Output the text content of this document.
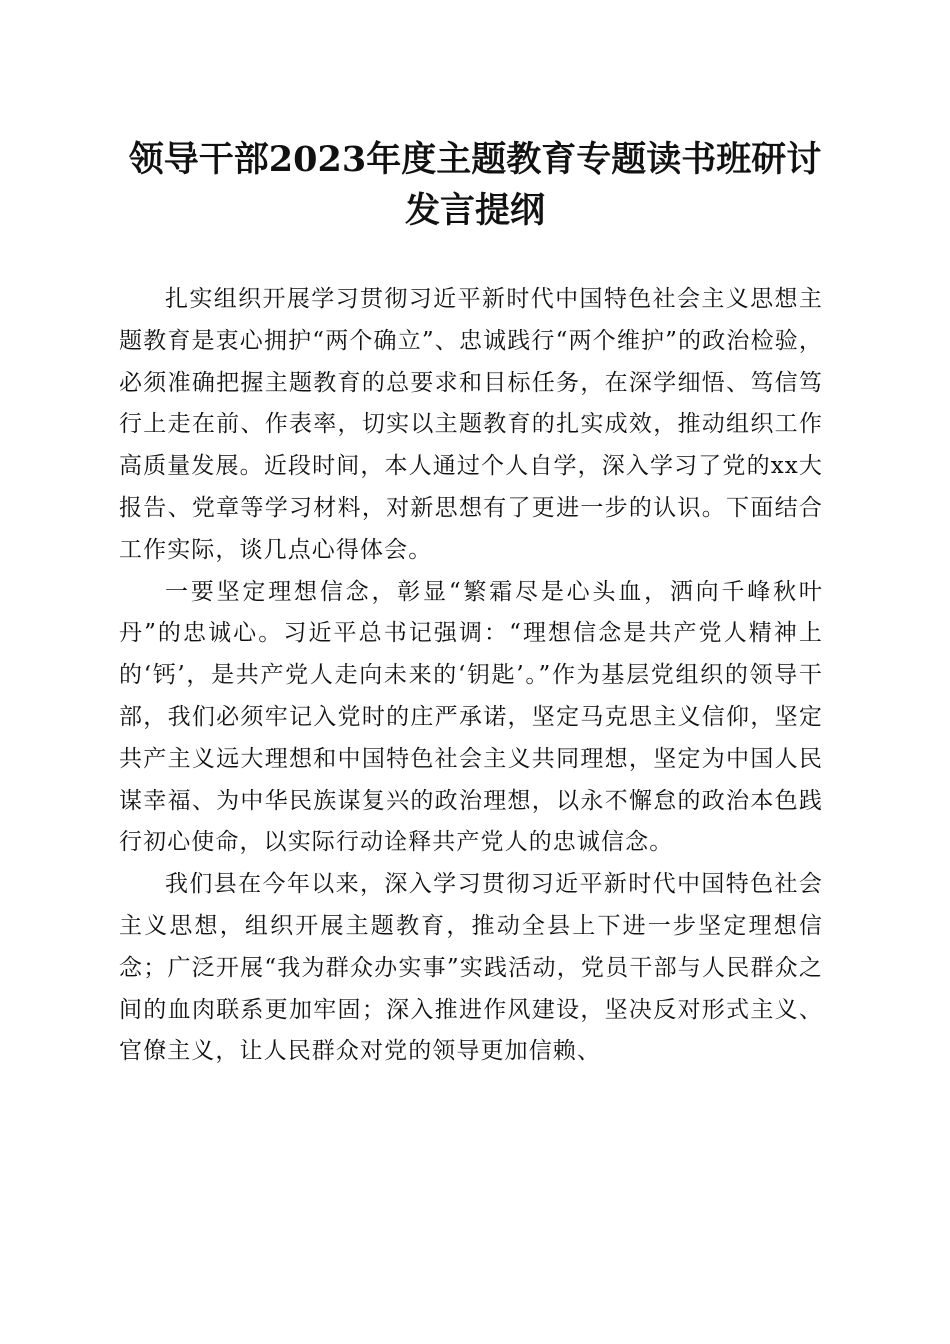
领导干部2023年度主题教育专题读书班研讨
发言提纲

扎实组织开展学习贯彻习近平新时代中国特色社会主义思想主题教育是衷心拥护“两个确立”、忠诚践行“两个维护”的政治检验，必须准确把握主题教育的总要求和目标任务，在深学细悟、笃信笃行上走在前、作表率，切实以主题教育的扎实成效，推动组织工作高质量发展。近段时间，本人通过个人自学，深入学习了党的xx大报告、党章等学习材料，对新思想有了更进一步的认识。下面结合工作实际，谈几点心得体会。

一要坚定理想信念，彰显“繁霜尽是心头血，洒向千峰秋叶丹”的忠诚心。习近平总书记强调：“理想信念是共产党人精神上的‘钙’，是共产党人走向未来的‘钥匙’。”作为基层党组织的领导干部，我们必须牢记入党时的庄严承诺，坚定马克思主义信仰，坚定共产主义远大理想和中国特色社会主义共同理想，坚定为中国人民谋幸福、为中华民族谋复兴的政治理想，以永不懈怠的政治本色践行初心使命，以实际行动诠释共产党人的忠诚信念。

我们县在今年以来，深入学习贯彻习近平新时代中国特色社会主义思想，组织开展主题教育，推动全县上下进一步坚定理想信念；广泛开展“我为群众办实事”实践活动，党员干部与人民群众之间的血肉联系更加牢固；深入推进作风建设，坚决反对形式主义、官僚主义，让人民群众对党的领导更加信赖、
